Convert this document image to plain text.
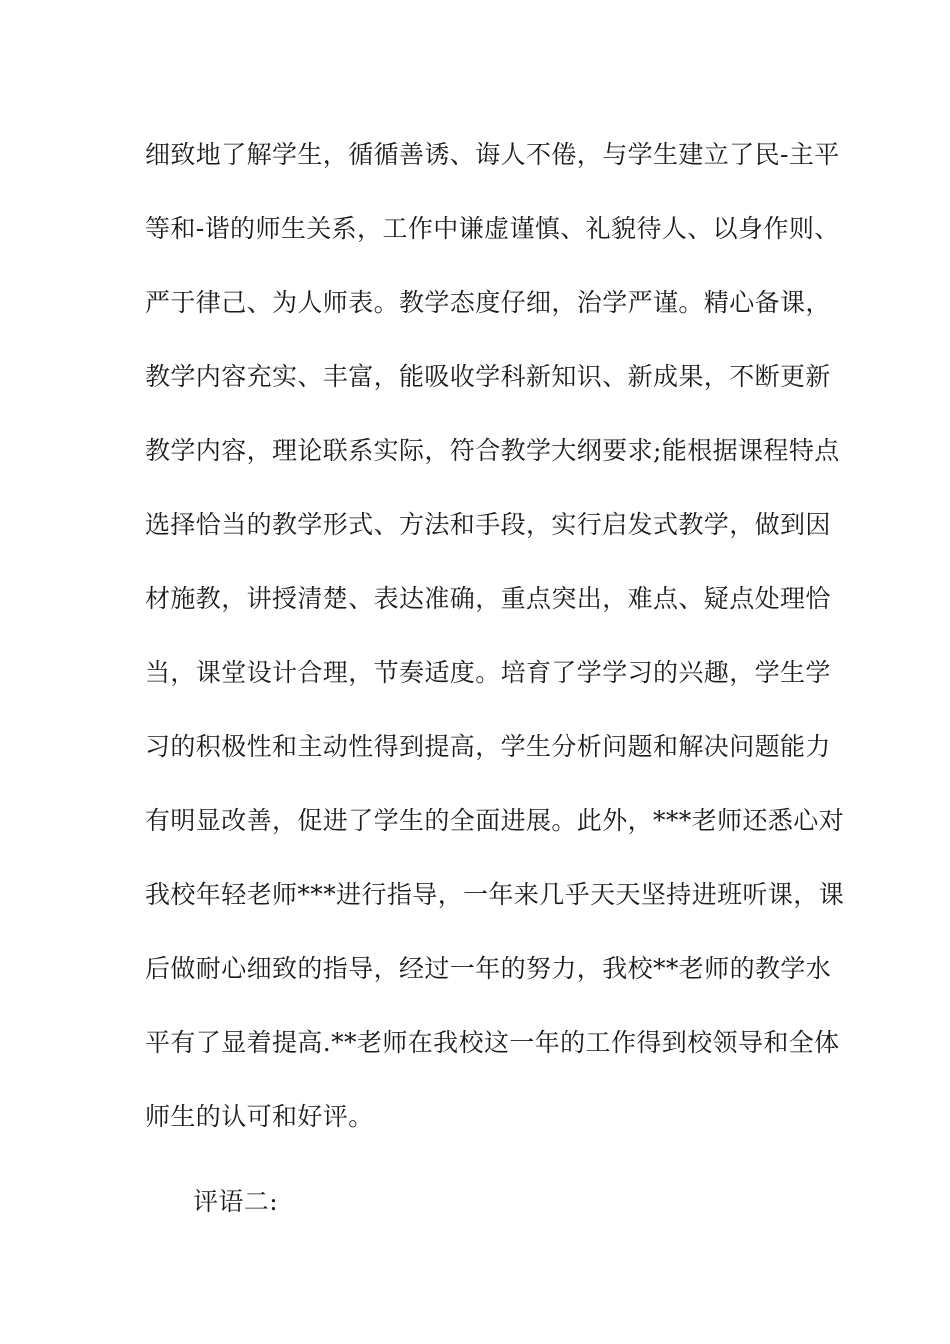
细致地了解学生，循循善诱、诲人不倦，与学生建立了民-主平
等和-谐的师生关系，工作中谦虚谨慎、礼貌待人、以身作则、
严于律己、为人师表。教学态度仔细，治学严谨。精心备课，
教学内容充实、丰富，能吸收学科新知识、新成果，不断更新
教学内容，理论联系实际，符合教学大纲要求;能根据课程特点
选择恰当的教学形式、方法和手段，实行启发式教学，做到因
材施教，讲授清楚、表达准确，重点突出，难点、疑点处理恰
当，课堂设计合理，节奏适度。培育了学学习的兴趣，学生学
习的积极性和主动性得到提高，学生分析问题和解决问题能力
有明显改善，促进了学生的全面进展。此外，***老师还悉心对
我校年轻老师***进行指导，一年来几乎天天坚持进班听课，课
后做耐心细致的指导，经过一年的努力，我校**老师的教学水
平有了显着提高.**老师在我校这一年的工作得到校领导和全体
师生的认可和好评。

评语二:
